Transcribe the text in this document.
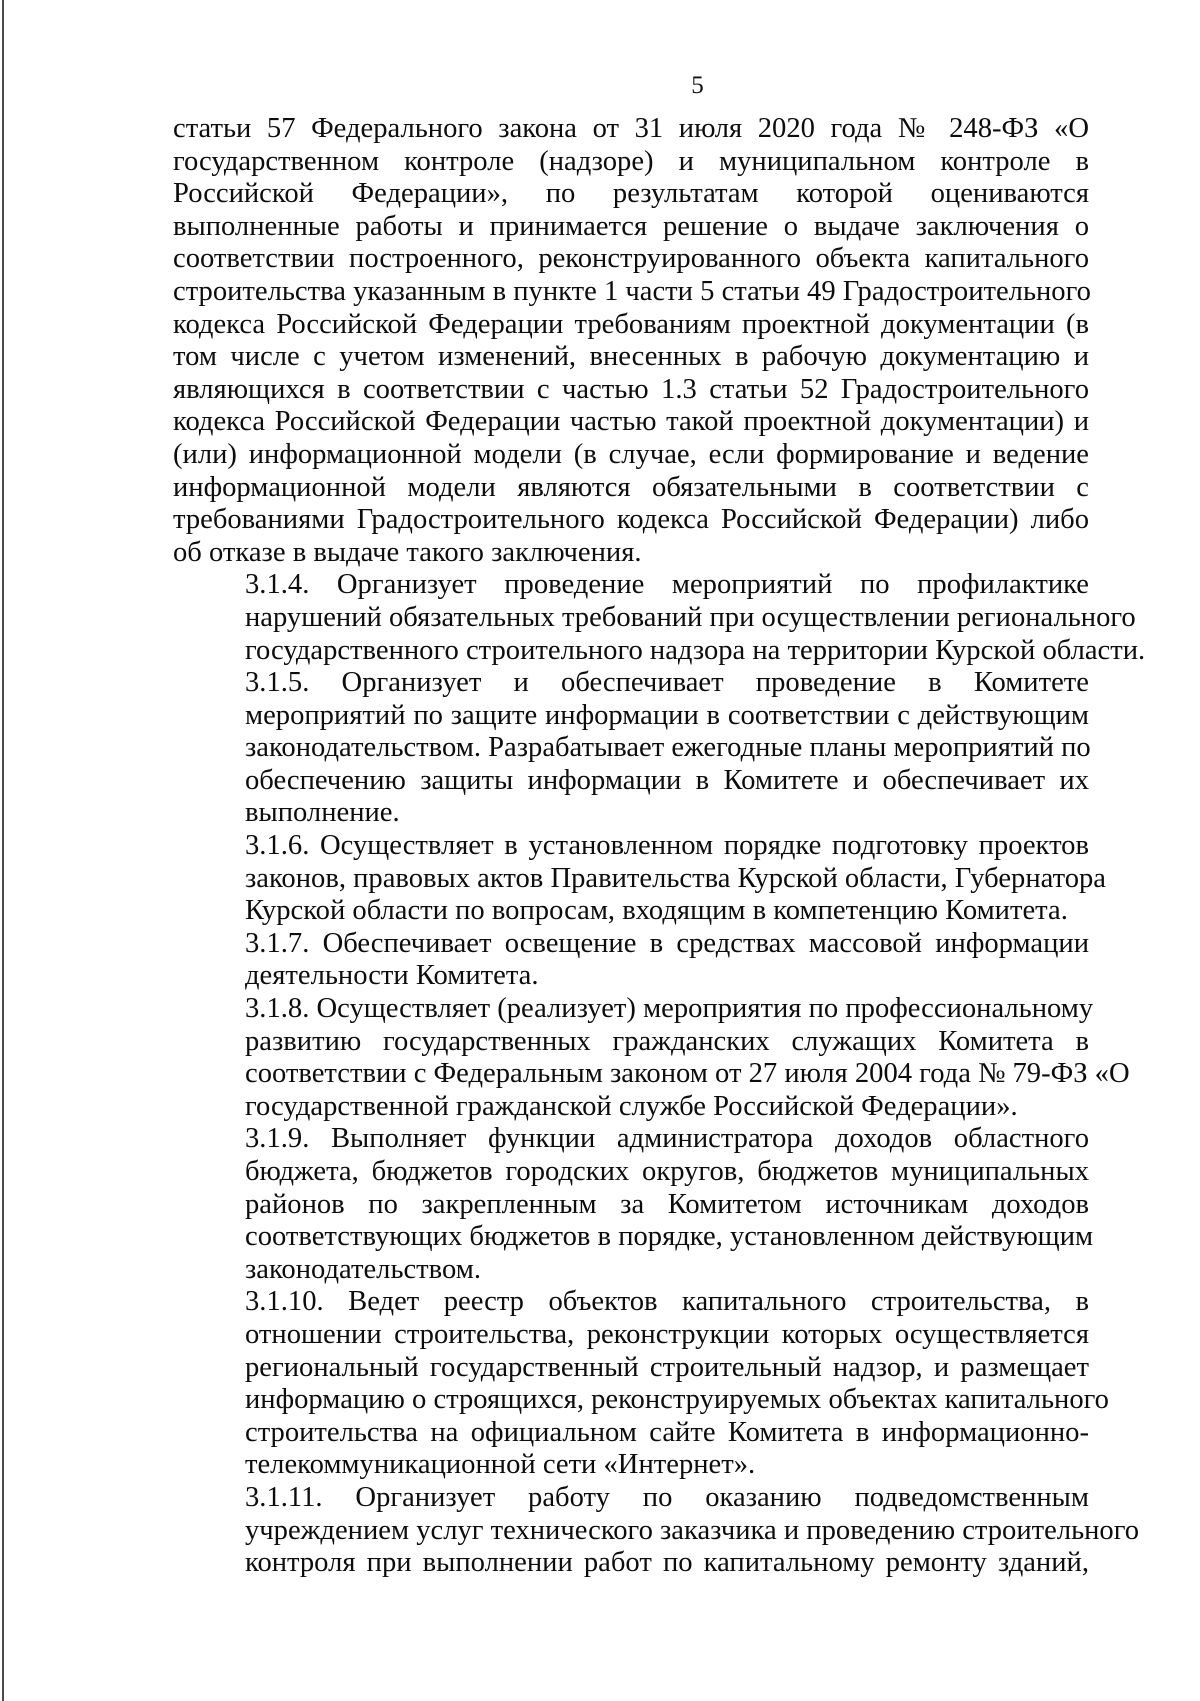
5
статьи 57 Федерального закона от 31 июля 2020 года № 248-ФЗ «О
государственном контроле (надзоре) и муниципальном контроле в
Российской Федерации», по результатам которой оцениваются
выполненные работы и принимается решение о выдаче заключения о
соответствии построенного, реконструированного объекта капитального
строительства указанным в пункте 1 части 5 статьи 49 Градостроительного
кодекса Российской Федерации требованиям проектной документации (в
том числе с учетом изменений, внесенных в рабочую документацию и
являющихся в соответствии с частью 1.3 статьи 52 Градостроительного
кодекса Российской Федерации частью такой проектной документации) и
(или) информационной модели (в случае, если формирование и ведение
информационной модели являются обязательными в соответствии с
требованиями Градостроительного кодекса Российской Федерации) либо
об отказе в выдаче такого заключения.
3.1.4. Организует проведение мероприятий по профилактике
нарушений обязательных требований при осуществлении регионального
государственного строительного надзора на территории Курской области.
3.1.5. Организует и обеспечивает проведение в Комитете
мероприятий по защите информации в соответствии с действующим
законодательством. Разрабатывает ежегодные планы мероприятий по
обеспечению защиты информации в Комитете и обеспечивает их
выполнение.
3.1.6. Осуществляет в установленном порядке подготовку проектов
законов, правовых актов Правительства Курской области, Губернатора
Курской области по вопросам, входящим в компетенцию Комитета.
3.1.7. Обеспечивает освещение в средствах массовой информации
деятельности Комитета.
3.1.8. Осуществляет (реализует) мероприятия по профессиональному
развитию государственных гражданских служащих Комитета в
соответствии с Федеральным законом от 27 июля 2004 года № 79-ФЗ «О
государственной гражданской службе Российской Федерации».
3.1.9. Выполняет функции администратора доходов областного
бюджета, бюджетов городских округов, бюджетов муниципальных
районов по закрепленным за Комитетом источникам доходов
соответствующих бюджетов в порядке, установленном действующим
законодательством.
3.1.10. Ведет реестр объектов капитального строительства, в
отношении строительства, реконструкции которых осуществляется
региональный государственный строительный надзор, и размещает
информацию о строящихся, реконструируемых объектах капитального
строительства на официальном сайте Комитета в информационно-
телекоммуникационной сети «Интернет».
3.1.11. Организует работу по оказанию подведомственным
учреждением услуг технического заказчика и проведению строительного
контроля при выполнении работ по капитальному ремонту зданий,
